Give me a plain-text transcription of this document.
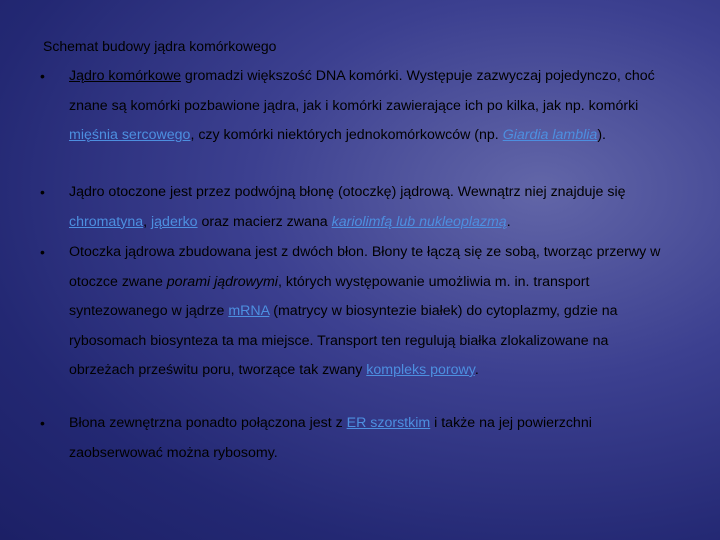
Schemat budowy jądra komórkowego
•	Jądro komórkowe gromadzi większość DNA komórki. Występuje zazwyczaj pojedynczo, choć znane są komórki pozbawione jądra, jak i komórki zawierające ich po kilka, jak np. komórki mięśnia sercowego, czy komórki niektórych jednokomórkowców (np. Giardia lamblia).
•	Jądro otoczone jest przez podwójną błonę (otoczkę) jądrową. Wewnątrz niej znajduje się chromatyna, jąderko oraz macierz zwana kariolimfą lub nukleoplazmą.
•	Otoczka jądrowa zbudowana jest z dwóch błon. Błony te łączą się ze sobą, tworząc przerwy w otoczce zwane porami jądrowymi, których występowanie umożliwia m. in. transport syntezowanego w jądrze mRNA (matrycy w biosyntezie białek) do cytoplazmy, gdzie na rybosomach biosynteza ta ma miejsce. Transport ten regulują białka zlokalizowane na obrzeżach prześwitu poru, tworzące tak zwany kompleks porowy.
•	Błona zewnętrzna ponadto połączona jest z ER szorstkim i także na jej powierzchni zaobserwować można rybosomy.
